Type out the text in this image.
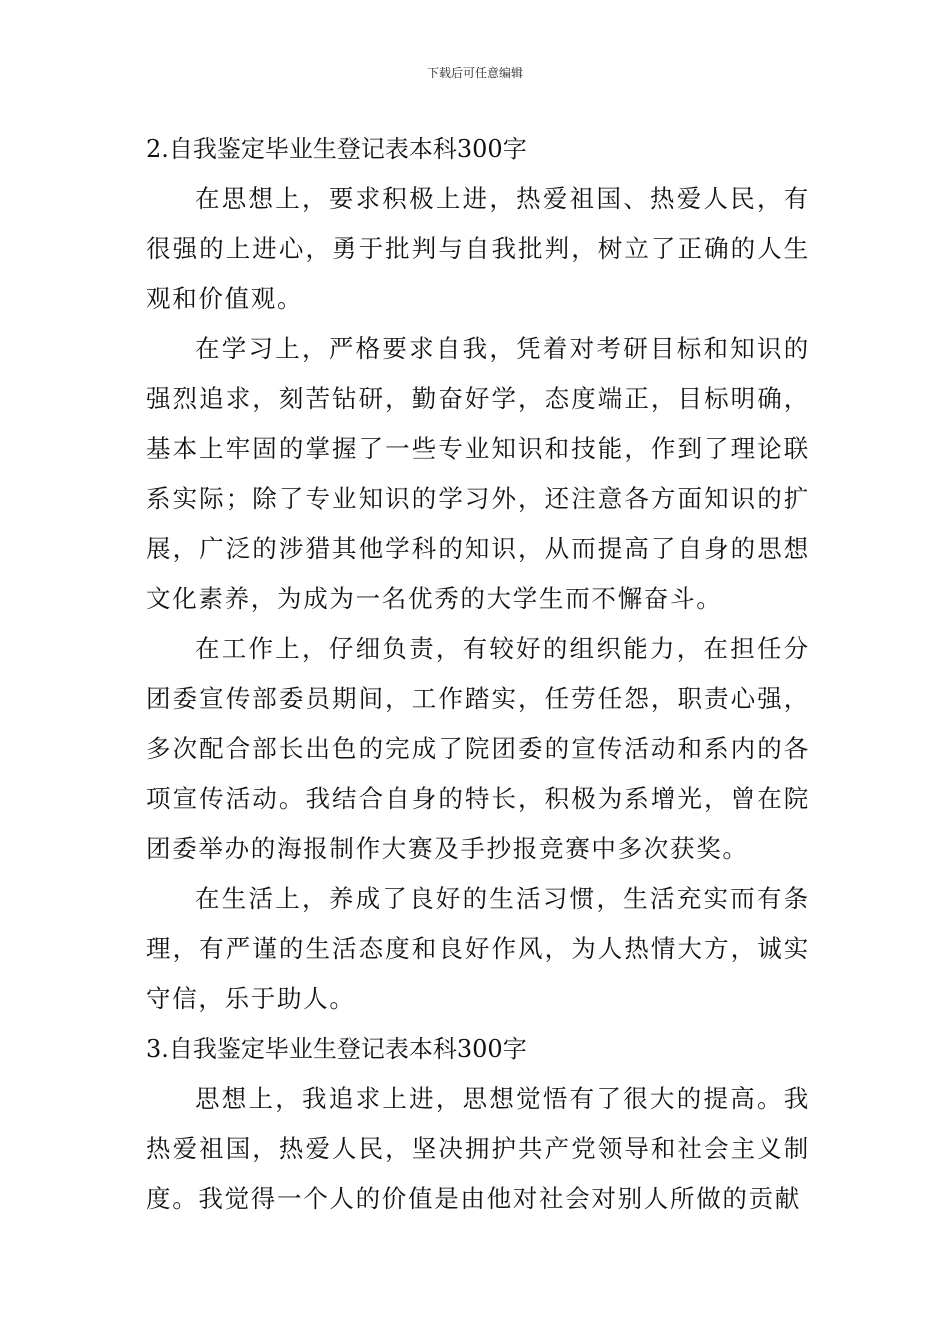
下载后可任意编辑

2.自我鉴定毕业生登记表本科300字

在思想上，要求积极上进，热爱祖国、热爱人民，有很强的上进心，勇于批判与自我批判，树立了正确的人生观和价值观。

在学习上，严格要求自我，凭着对考研目标和知识的强烈追求，刻苦钻研，勤奋好学，态度端正，目标明确，基本上牢固的掌握了一些专业知识和技能，作到了理论联系实际；除了专业知识的学习外，还注意各方面知识的扩展，广泛的涉猎其他学科的知识，从而提高了自身的思想文化素养，为成为一名优秀的大学生而不懈奋斗。

在工作上，仔细负责，有较好的组织能力，在担任分团委宣传部委员期间，工作踏实，任劳任怨，职责心强，多次配合部长出色的完成了院团委的宣传活动和系内的各项宣传活动。我结合自身的特长，积极为系增光，曾在院团委举办的海报制作大赛及手抄报竞赛中多次获奖。

在生活上，养成了良好的生活习惯，生活充实而有条理，有严谨的生活态度和良好作风，为人热情大方，诚实守信，乐于助人。

3.自我鉴定毕业生登记表本科300字

思想上，我追求上进，思想觉悟有了很大的提高。我热爱祖国，热爱人民，坚决拥护共产党领导和社会主义制度。我觉得一个人的价值是由他对社会对别人所做的贡献
